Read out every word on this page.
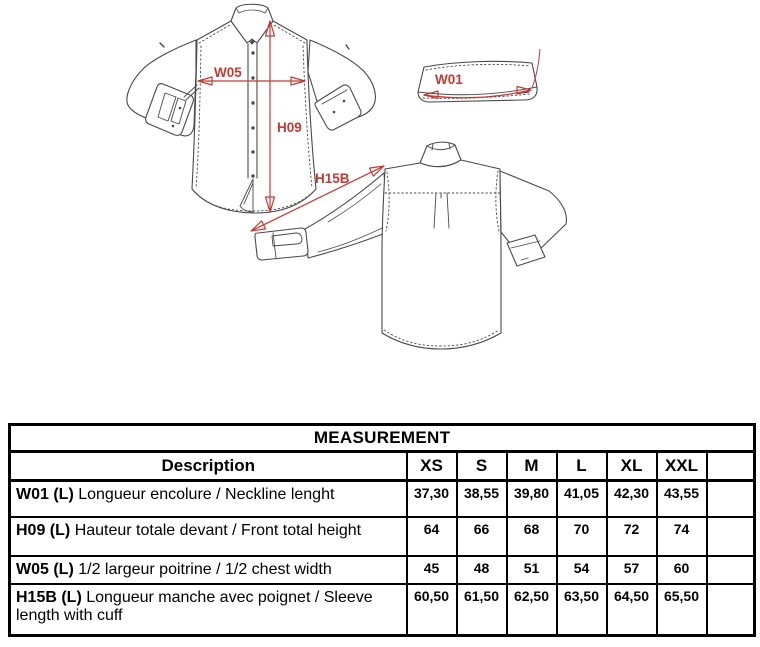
W05
H09
H15B
W01
MEASUREMENT							
Description	XS	S	M	L	XL	XXL	
W01 (L) Longueur encolure / Neckline lenght	37,30	38,55	39,80	41,05	42,30	43,55	
H09 (L) Hauteur totale devant / Front total height	64	66	68	70	72	74	
W05 (L) 1/2 largeur poitrine / 1/2 chest width	45	48	51	54	57	60	
H15B (L) Longueur manche avec poignet / Sleeve length with cuff	60,50	61,50	62,50	63,50	64,50	65,50	
